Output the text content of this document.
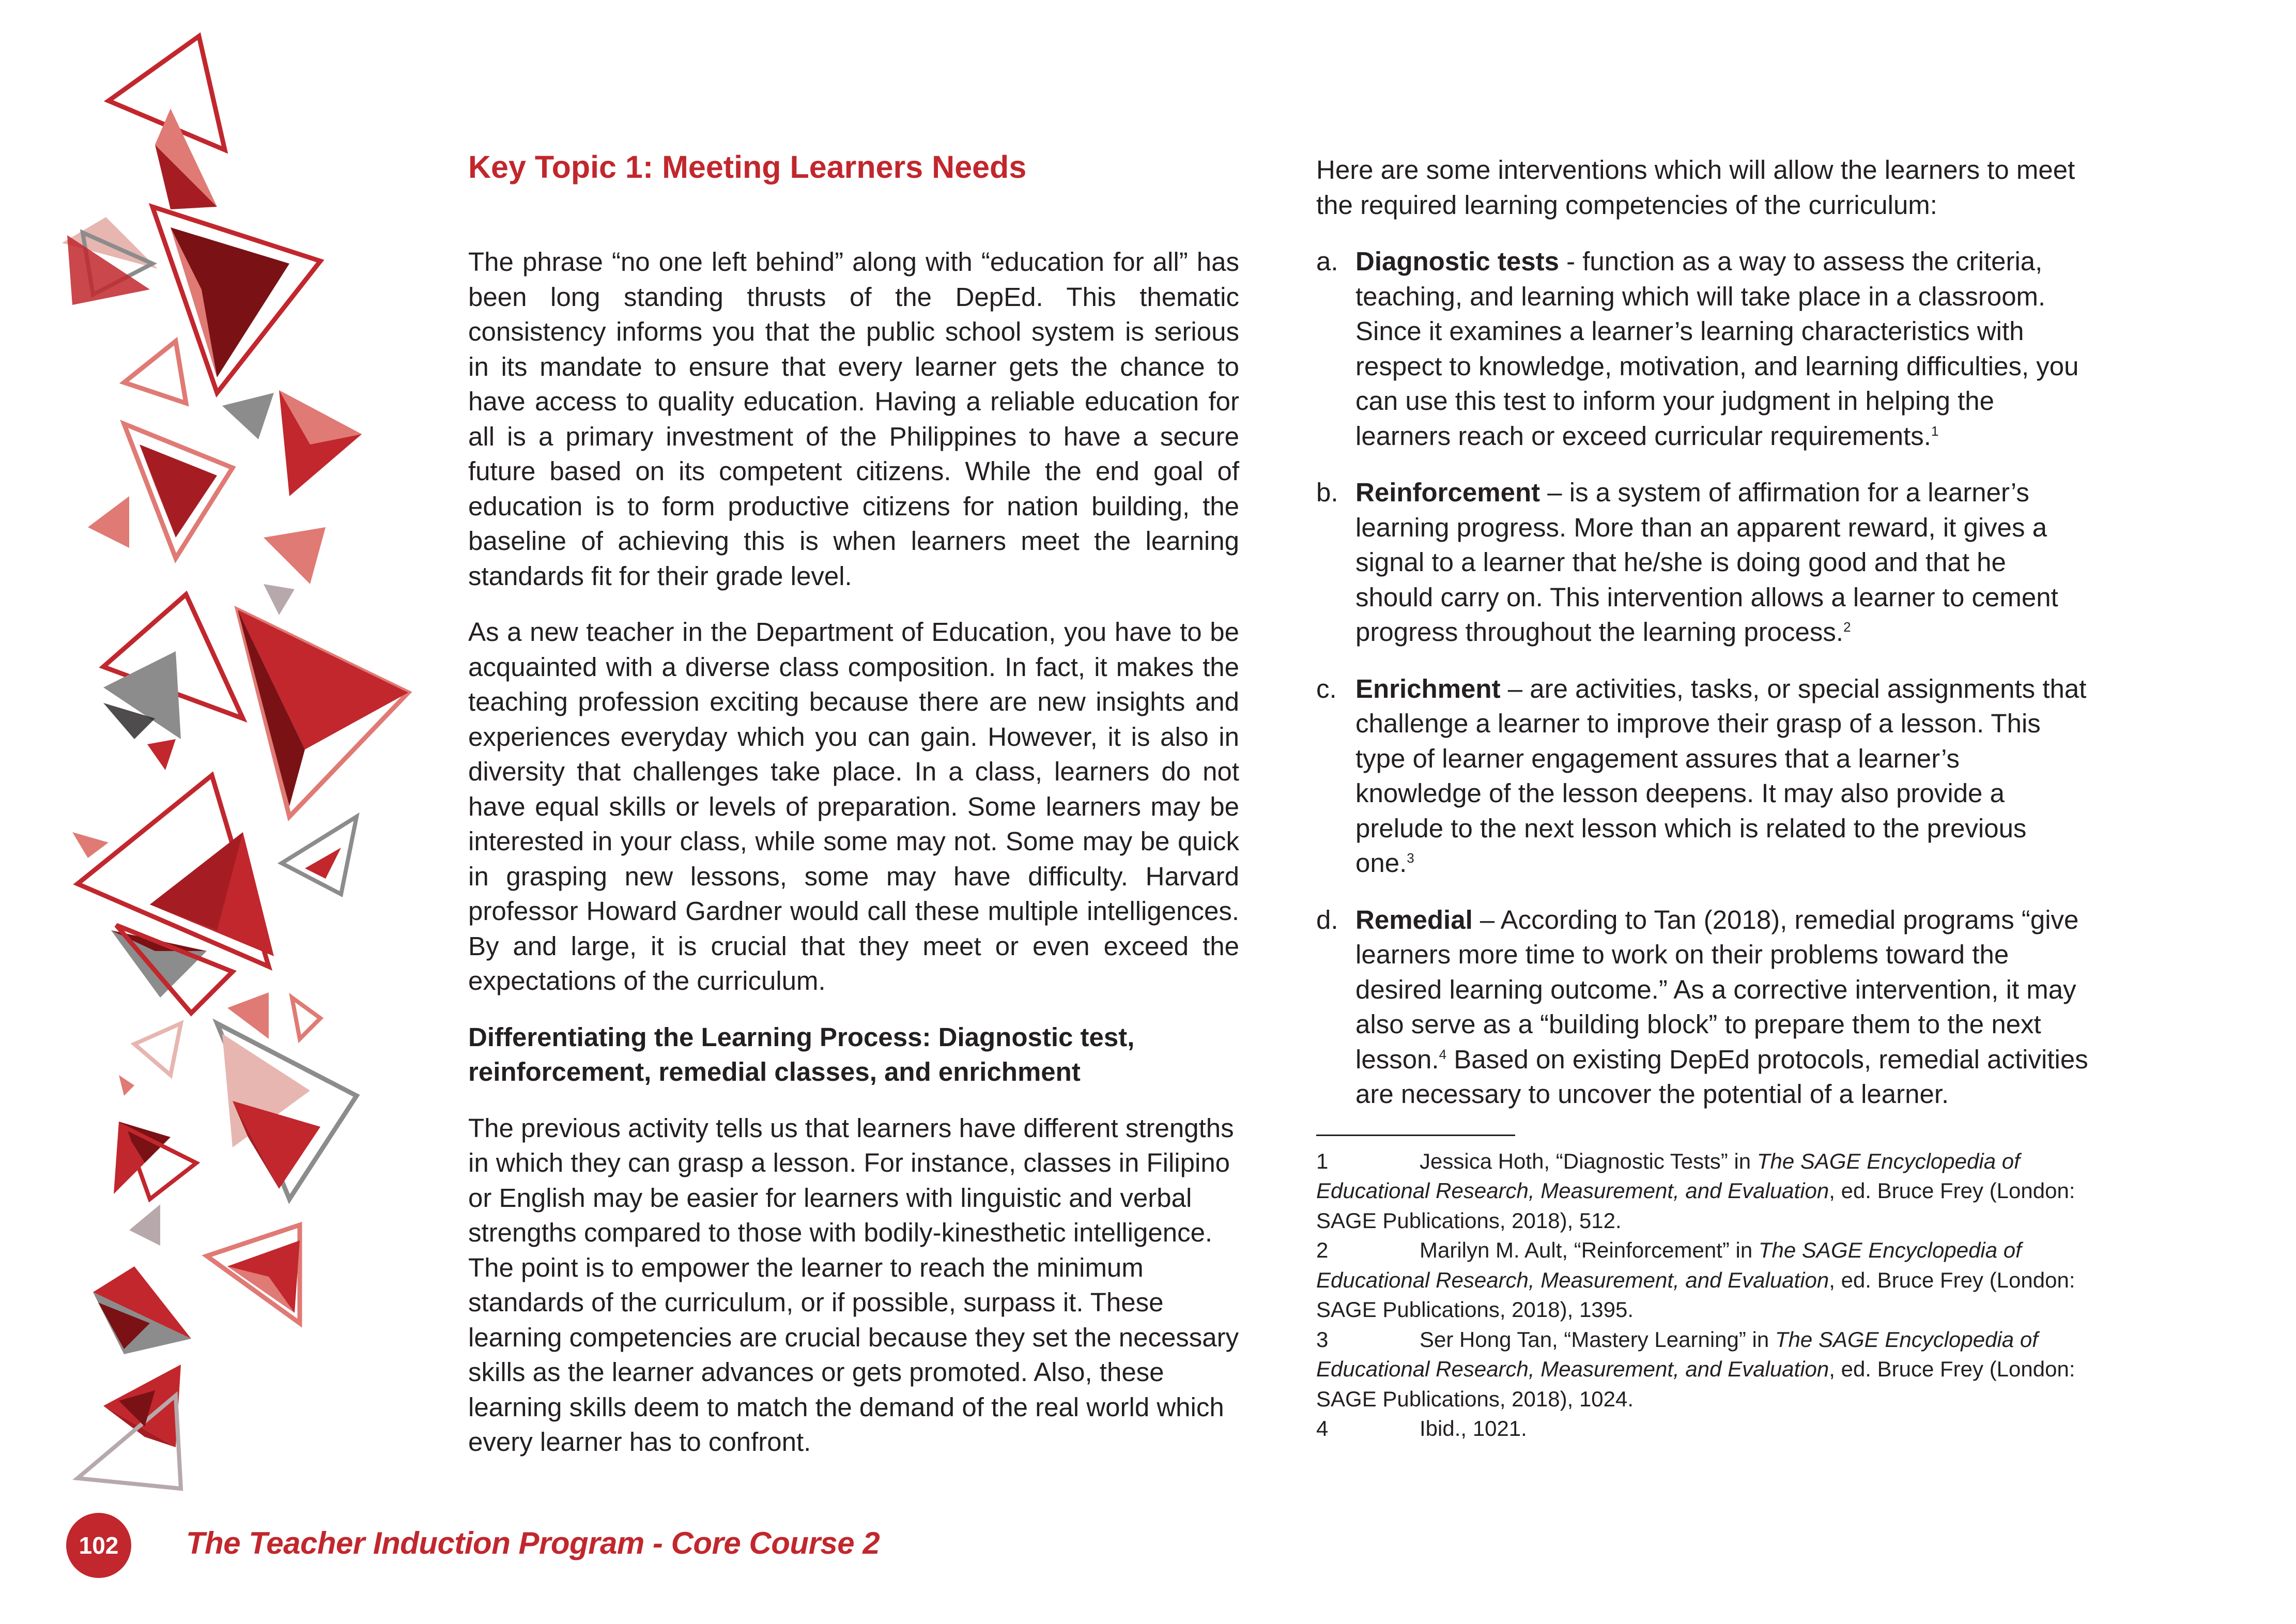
Key Topic 1: Meeting Learners Needs

The phrase “no one left behind” along with “education for all” has been long standing thrusts of the DepEd. This thematic consistency informs you that the public school system is serious in its mandate to ensure that every learner gets the chance to have access to quality education. Having a reliable education for all is a primary investment of the Philippines to have a secure future based on its competent citizens. While the end goal of education is to form productive citizens for nation building, the baseline of achieving this is when learners meet the learning standards fit for their grade level.

As a new teacher in the Department of Education, you have to be acquainted with a diverse class composition. In fact, it makes the teaching profession exciting because there are new insights and experiences everyday which you can gain. However, it is also in diversity that challenges take place. In a class, learners do not have equal skills or levels of preparation. Some learners may be interested in your class, while some may not. Some may be quick in grasping new lessons, some may have difficulty. Harvard professor Howard Gardner would call these multiple intelligences. By and large, it is crucial that they meet or even exceed the expectations of the curriculum.

Differentiating the Learning Process: Diagnostic test, reinforcement, remedial classes, and enrichment

The previous activity tells us that learners have different strengths in which they can grasp a lesson. For instance, classes in Filipino or English may be easier for learners with linguistic and verbal strengths compared to those with bodily-kinesthetic intelligence. The point is to empower the learner to reach the minimum standards of the curriculum, or if possible, surpass it. These learning competencies are crucial because they set the necessary skills as the learner advances or gets promoted. Also, these learning skills deem to match the demand of the real world which every learner has to confront.

Here are some interventions which will allow the learners to meet the required learning competencies of the curriculum:

a. Diagnostic tests - function as a way to assess the criteria, teaching, and learning which will take place in a classroom. Since it examines a learner’s learning characteristics with respect to knowledge, motivation, and learning difficulties, you can use this test to inform your judgment in helping the learners reach or exceed curricular requirements.$^1$
b. Reinforcement – is a system of affirmation for a learner’s learning progress. More than an apparent reward, it gives a signal to a learner that he/she is doing good and that he should carry on. This intervention allows a learner to cement progress throughout the learning process.$^2$
c. Enrichment – are activities, tasks, or special assignments that challenge a learner to improve their grasp of a lesson. This type of learner engagement assures that a learner’s knowledge of the lesson deepens. It may also provide a prelude to the next lesson which is related to the previous one.$^3$
d. Remedial – According to Tan (2018), remedial programs “give learners more time to work on their problems toward the desired learning outcome.” As a corrective intervention, it may also serve as a “building block” to prepare them to the next lesson.$^4$ Based on existing DepEd protocols, remedial activities are necessary to uncover the potential of a learner.
1	Jessica Hoth, “Diagnostic Tests” in The SAGE Encyclopedia of Educational Research, Measurement, and Evaluation, ed. Bruce Frey (London: SAGE Publications, 2018), 512.
2	Marilyn M. Ault, “Reinforcement” in The SAGE Encyclopedia of Educational Research, Measurement, and Evaluation, ed. Bruce Frey (London: SAGE Publications, 2018), 1395.
3	Ser Hong Tan, “Mastery Learning” in The SAGE Encyclopedia of Educational Research, Measurement, and Evaluation, ed. Bruce Frey (London: SAGE Publications, 2018), 1024.
4	Ibid., 1021.
102	The Teacher Induction Program - Core Course 2
